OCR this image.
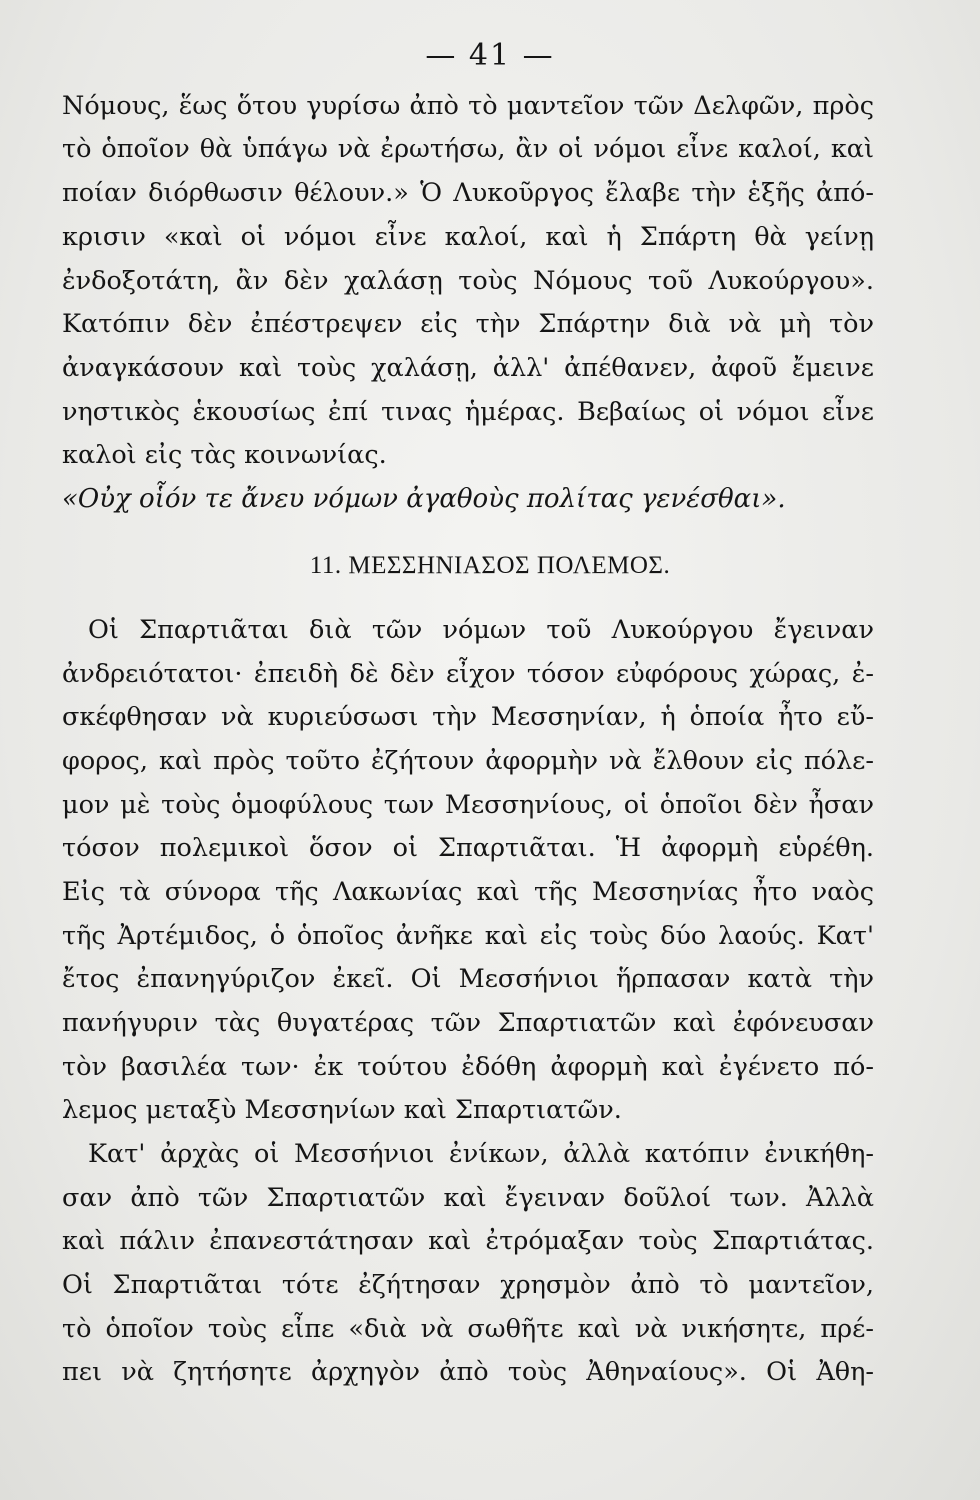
— 41 —
Νόμους, ἕως ὅτου γυρίσω ἀπὸ τὸ μαντεῖον τῶν Δελφῶν, πρὸς
τὸ ὁποῖον θὰ ὑπάγω νὰ ἐρωτήσω, ἂν οἱ νόμοι εἶνε καλοί, καὶ
ποίαν διόρθωσιν θέλουν.» Ὁ Λυκοῦργος ἔλαβε τὴν ἑξῆς ἀπό-
κρισιν «καὶ οἱ νόμοι εἶνε καλοί, καὶ ἡ Σπάρτη θὰ γείνῃ
ἐνδοξοτάτη, ἂν δὲν χαλάσῃ τοὺς Νόμους τοῦ Λυκούργου».
Κατόπιν δὲν ἐπέστρεψεν εἰς τὴν Σπάρτην διὰ νὰ μὴ τὸν
ἀναγκάσουν καὶ τοὺς χαλάσῃ, ἀλλ' ἀπέθανεν, ἀφοῦ ἔμεινε
νηστικὸς ἑκουσίως ἐπί τινας ἡμέρας. Βεβαίως οἱ νόμοι εἶνε
καλοὶ εἰς τὰς κοινωνίας.
«Οὐχ οἷόν τε ἄνευ νόμων ἀγαθοὺς πολίτας γενέσθαι».
11. ΜΕΣΣΗΝΙΑΣΟΣ ΠΟΛΕΜΟΣ.
Οἱ Σπαρτιᾶται διὰ τῶν νόμων τοῦ Λυκούργου ἔγειναν
ἀνδρειότατοι· ἐπειδὴ δὲ δὲν εἶχον τόσον εὐφόρους χώρας, ἐ-
σκέφθησαν νὰ κυριεύσωσι τὴν Μεσσηνίαν, ἡ ὁποία ἦτο εὔ-
φορος, καὶ πρὸς τοῦτο ἐζήτουν ἀφορμὴν νὰ ἔλθουν εἰς πόλε-
μον μὲ τοὺς ὁμοφύλους των Μεσσηνίους, οἱ ὁποῖοι δὲν ἦσαν
τόσον πολεμικοὶ ὅσον οἱ Σπαρτιᾶται. Ἡ ἀφορμὴ εὑρέθη.
Εἰς τὰ σύνορα τῆς Λακωνίας καὶ τῆς Μεσσηνίας ἦτο ναὸς
τῆς Ἀρτέμιδος, ὁ ὁποῖος ἀνῆκε καὶ εἰς τοὺς δύο λαούς. Κατ'
ἔτος ἐπανηγύριζον ἐκεῖ. Οἱ Μεσσήνιοι ἥρπασαν κατὰ τὴν
πανήγυριν τὰς θυγατέρας τῶν Σπαρτιατῶν καὶ ἐφόνευσαν
τὸν βασιλέα των· ἐκ τούτου ἐδόθη ἀφορμὴ καὶ ἐγένετο πό-
λεμος μεταξὺ Μεσσηνίων καὶ Σπαρτιατῶν.
Κατ' ἀρχὰς οἱ Μεσσήνιοι ἐνίκων, ἀλλὰ κατόπιν ἐνικήθη-
σαν ἀπὸ τῶν Σπαρτιατῶν καὶ ἔγειναν δοῦλοί των. Ἀλλὰ
καὶ πάλιν ἐπανεστάτησαν καὶ ἐτρόμαξαν τοὺς Σπαρτιάτας.
Οἱ Σπαρτιᾶται τότε ἐζήτησαν χρησμὸν ἀπὸ τὸ μαντεῖον,
τὸ ὁποῖον τοὺς εἶπε «διὰ νὰ σωθῆτε καὶ νὰ νικήσητε, πρέ-
πει νὰ ζητήσητε ἀρχηγὸν ἀπὸ τοὺς Ἀθηναίους». Οἱ Ἀθη-
